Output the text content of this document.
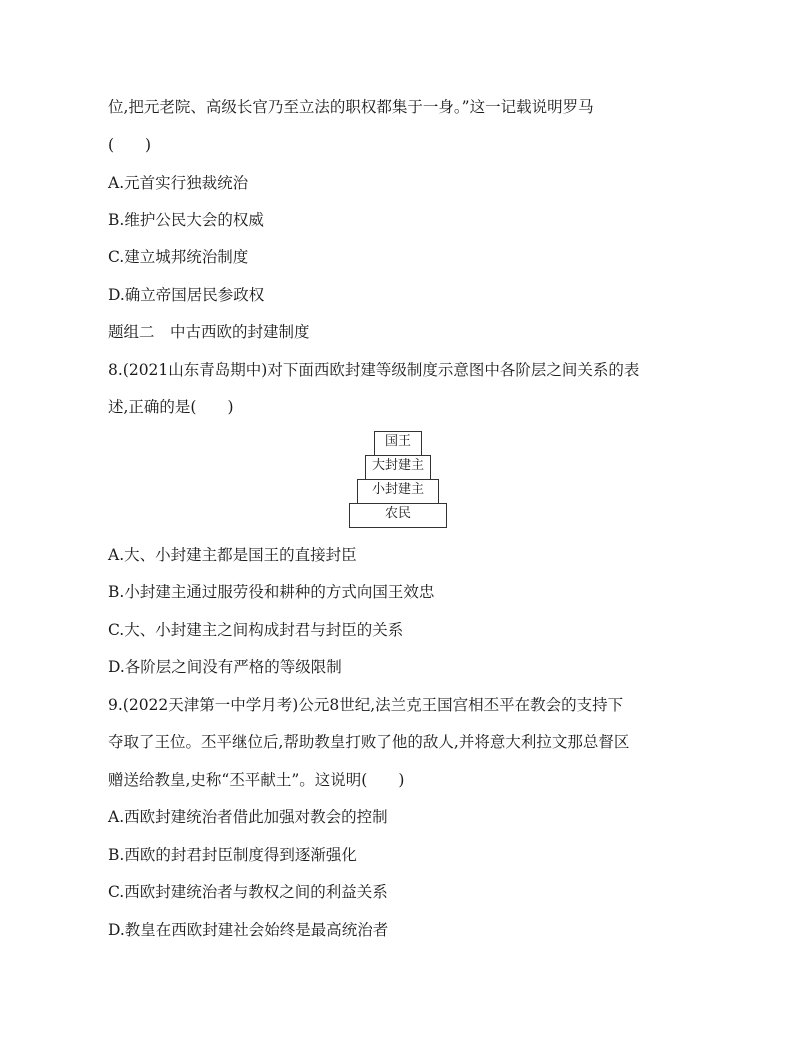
位,把元老院、高级长官乃至立法的职权都集于一身。”这一记载说明罗马
(　　)
A.元首实行独裁统治
B.维护公民大会的权威
C.建立城邦统治制度
D.确立帝国居民参政权
题组二　中古西欧的封建制度
8.(2021山东青岛期中)对下面西欧封建等级制度示意图中各阶层之间关系的表
述,正确的是(　　)
国王
大封建主
小封建主
农民
A.大、小封建主都是国王的直接封臣
B.小封建主通过服劳役和耕种的方式向国王效忠
C.大、小封建主之间构成封君与封臣的关系
D.各阶层之间没有严格的等级限制
9.(2022天津第一中学月考)公元8世纪,法兰克王国宫相丕平在教会的支持下
夺取了王位。丕平继位后,帮助教皇打败了他的敌人,并将意大利拉文那总督区
赠送给教皇,史称“丕平献土”。这说明(　　)
A.西欧封建统治者借此加强对教会的控制
B.西欧的封君封臣制度得到逐渐强化
C.西欧封建统治者与教权之间的利益关系
D.教皇在西欧封建社会始终是最高统治者
